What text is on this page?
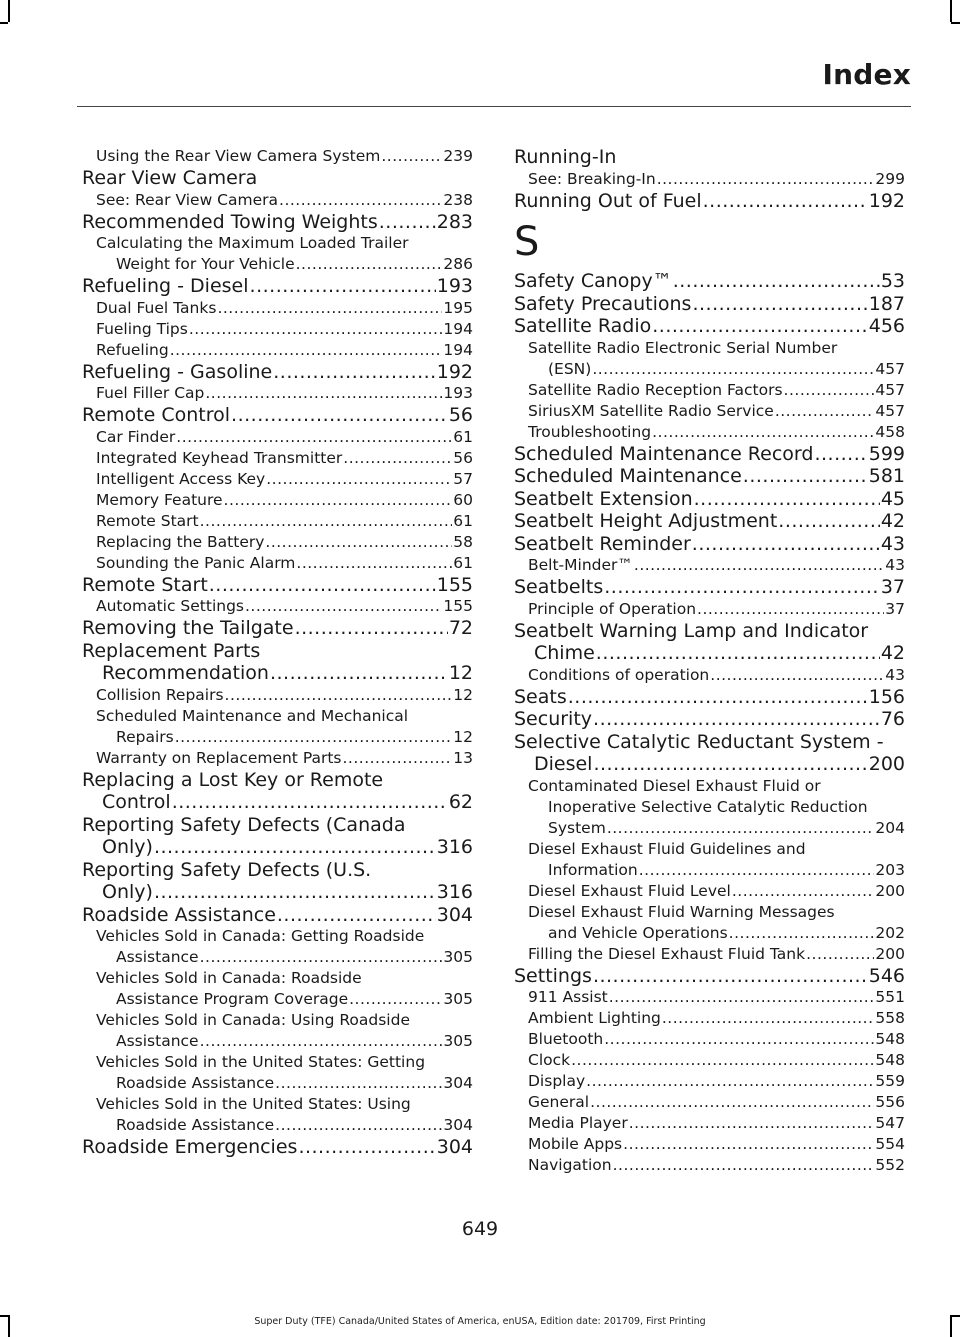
Index
Using the Rear View Camera System .....	239
Rear View Camera
See: Rear View Camera .....	238
Recommended Towing Weights .....	283
Calculating the Maximum Loaded Trailer
Weight for Your Vehicle .....	286
Refueling - Diesel .....	193
Dual Fuel Tanks .....	195
Fueling Tips .....	194
Refueling .....	194
Refueling - Gasoline .....	192
Fuel Filler Cap .....	193
Remote Control .....	56
Car Finder .....	61
Integrated Keyhead Transmitter .....	56
Intelligent Access Key .....	57
Memory Feature .....	60
Remote Start .....	61
Replacing the Battery .....	58
Sounding the Panic Alarm .....	61
Remote Start .....	155
Automatic Settings .....	155
Removing the Tailgate .....	72
Replacement Parts
Recommendation .....	12
Collision Repairs .....	12
Scheduled Maintenance and Mechanical
Repairs .....	12
Warranty on Replacement Parts .....	13
Replacing a Lost Key or Remote
Control .....	62
Reporting Safety Defects (Canada
Only) .....	316
Reporting Safety Defects (U.S.
Only) .....	316
Roadside Assistance .....	304
Vehicles Sold in Canada: Getting Roadside
Assistance .....	305
Vehicles Sold in Canada: Roadside
Assistance Program Coverage .....	305
Vehicles Sold in Canada: Using Roadside
Assistance .....	305
Vehicles Sold in the United States: Getting
Roadside Assistance .....	304
Vehicles Sold in the United States: Using
Roadside Assistance .....	304
Roadside Emergencies .....	304
Running-In
See: Breaking-In .....	299
Running Out of Fuel .....	192
S
Safety Canopy™ .....	53
Safety Precautions .....	187
Satellite Radio .....	456
Satellite Radio Electronic Serial Number
(ESN) .....	457
Satellite Radio Reception Factors .....	457
SiriusXM Satellite Radio Service .....	457
Troubleshooting .....	458
Scheduled Maintenance Record .....	599
Scheduled Maintenance .....	581
Seatbelt Extension .....	45
Seatbelt Height Adjustment .....	42
Seatbelt Reminder .....	43
Belt-Minder™ .....	43
Seatbelts .....	37
Principle of Operation .....	37
Seatbelt Warning Lamp and Indicator
Chime .....	42
Conditions of operation .....	43
Seats .....	156
Security .....	76
Selective Catalytic Reductant System -
Diesel .....	200
Contaminated Diesel Exhaust Fluid or
Inoperative Selective Catalytic Reduction
System .....	204
Diesel Exhaust Fluid Guidelines and
Information .....	203
Diesel Exhaust Fluid Level .....	200
Diesel Exhaust Fluid Warning Messages
and Vehicle Operations .....	202
Filling the Diesel Exhaust Fluid Tank .....	200
Settings .....	546
911 Assist .....	551
Ambient Lighting .....	558
Bluetooth .....	548
Clock .....	548
Display .....	559
General .....	556
Media Player .....	547
Mobile Apps .....	554
Navigation .....	552
649
Super Duty (TFE) Canada/United States of America, enUSA, Edition date: 201709, First Printing
